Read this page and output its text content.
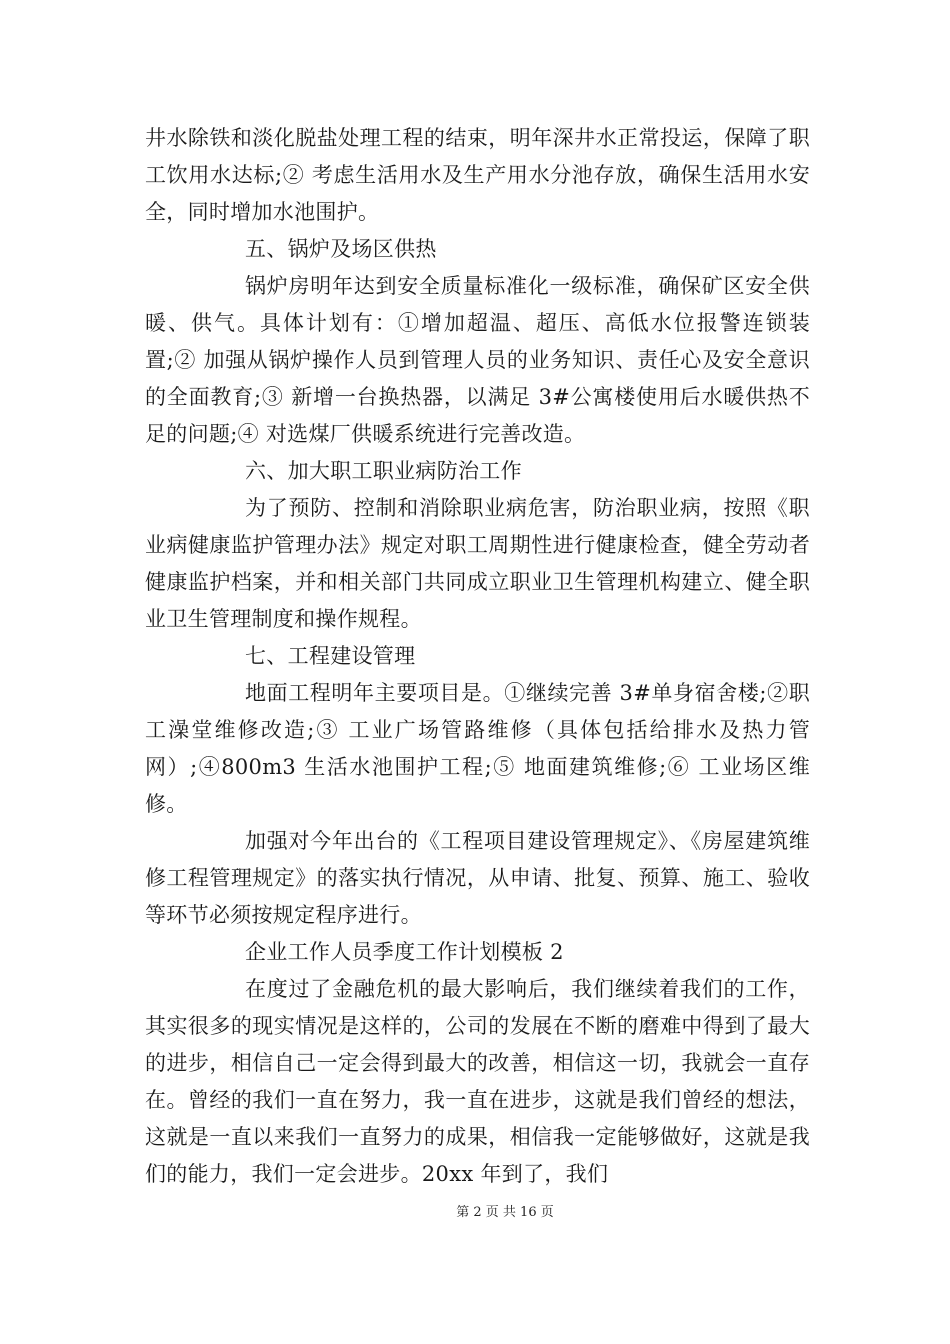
井水除铁和淡化脱盐处理工程的结束，明年深井水正常投运，保障了职工饮用水达标;② 考虑生活用水及生产用水分池存放，确保生活用水安全，同时增加水池围护。

五、锅炉及场区供热

锅炉房明年达到安全质量标准化一级标准，确保矿区安全供暖、供气。具体计划有：①增加超温、超压、高低水位报警连锁装置;② 加强从锅炉操作人员到管理人员的业务知识、责任心及安全意识的全面教育;③ 新增一台换热器，以满足 3#公寓楼使用后水暖供热不足的问题;④ 对选煤厂供暖系统进行完善改造。

六、加大职工职业病防治工作

为了预防、控制和消除职业病危害，防治职业病，按照《职业病健康监护管理办法》规定对职工周期性进行健康检查，健全劳动者健康监护档案，并和相关部门共同成立职业卫生管理机构建立、健全职业卫生管理制度和操作规程。

七、工程建设管理

地面工程明年主要项目是。①继续完善 3#单身宿舍楼;②职工澡堂维修改造;③ 工业广场管路维修（具体包括给排水及热力管网）;④800m3 生活水池围护工程;⑤ 地面建筑维修;⑥ 工业场区维修。

加强对今年出台的《工程项目建设管理规定》、《房屋建筑维修工程管理规定》的落实执行情况，从申请、批复、预算、施工、验收等环节必须按规定程序进行。

企业工作人员季度工作计划模板 2

在度过了金融危机的最大影响后，我们继续着我们的工作，其实很多的现实情况是这样的，公司的发展在不断的磨难中得到了最大的进步，相信自己一定会得到最大的改善，相信这一切，我就会一直存在。曾经的我们一直在努力，我一直在进步，这就是我们曾经的想法，这就是一直以来我们一直努力的成果，相信我一定能够做好，这就是我们的能力，我们一定会进步。20xx 年到了，我们

第 2 页 共 16 页
